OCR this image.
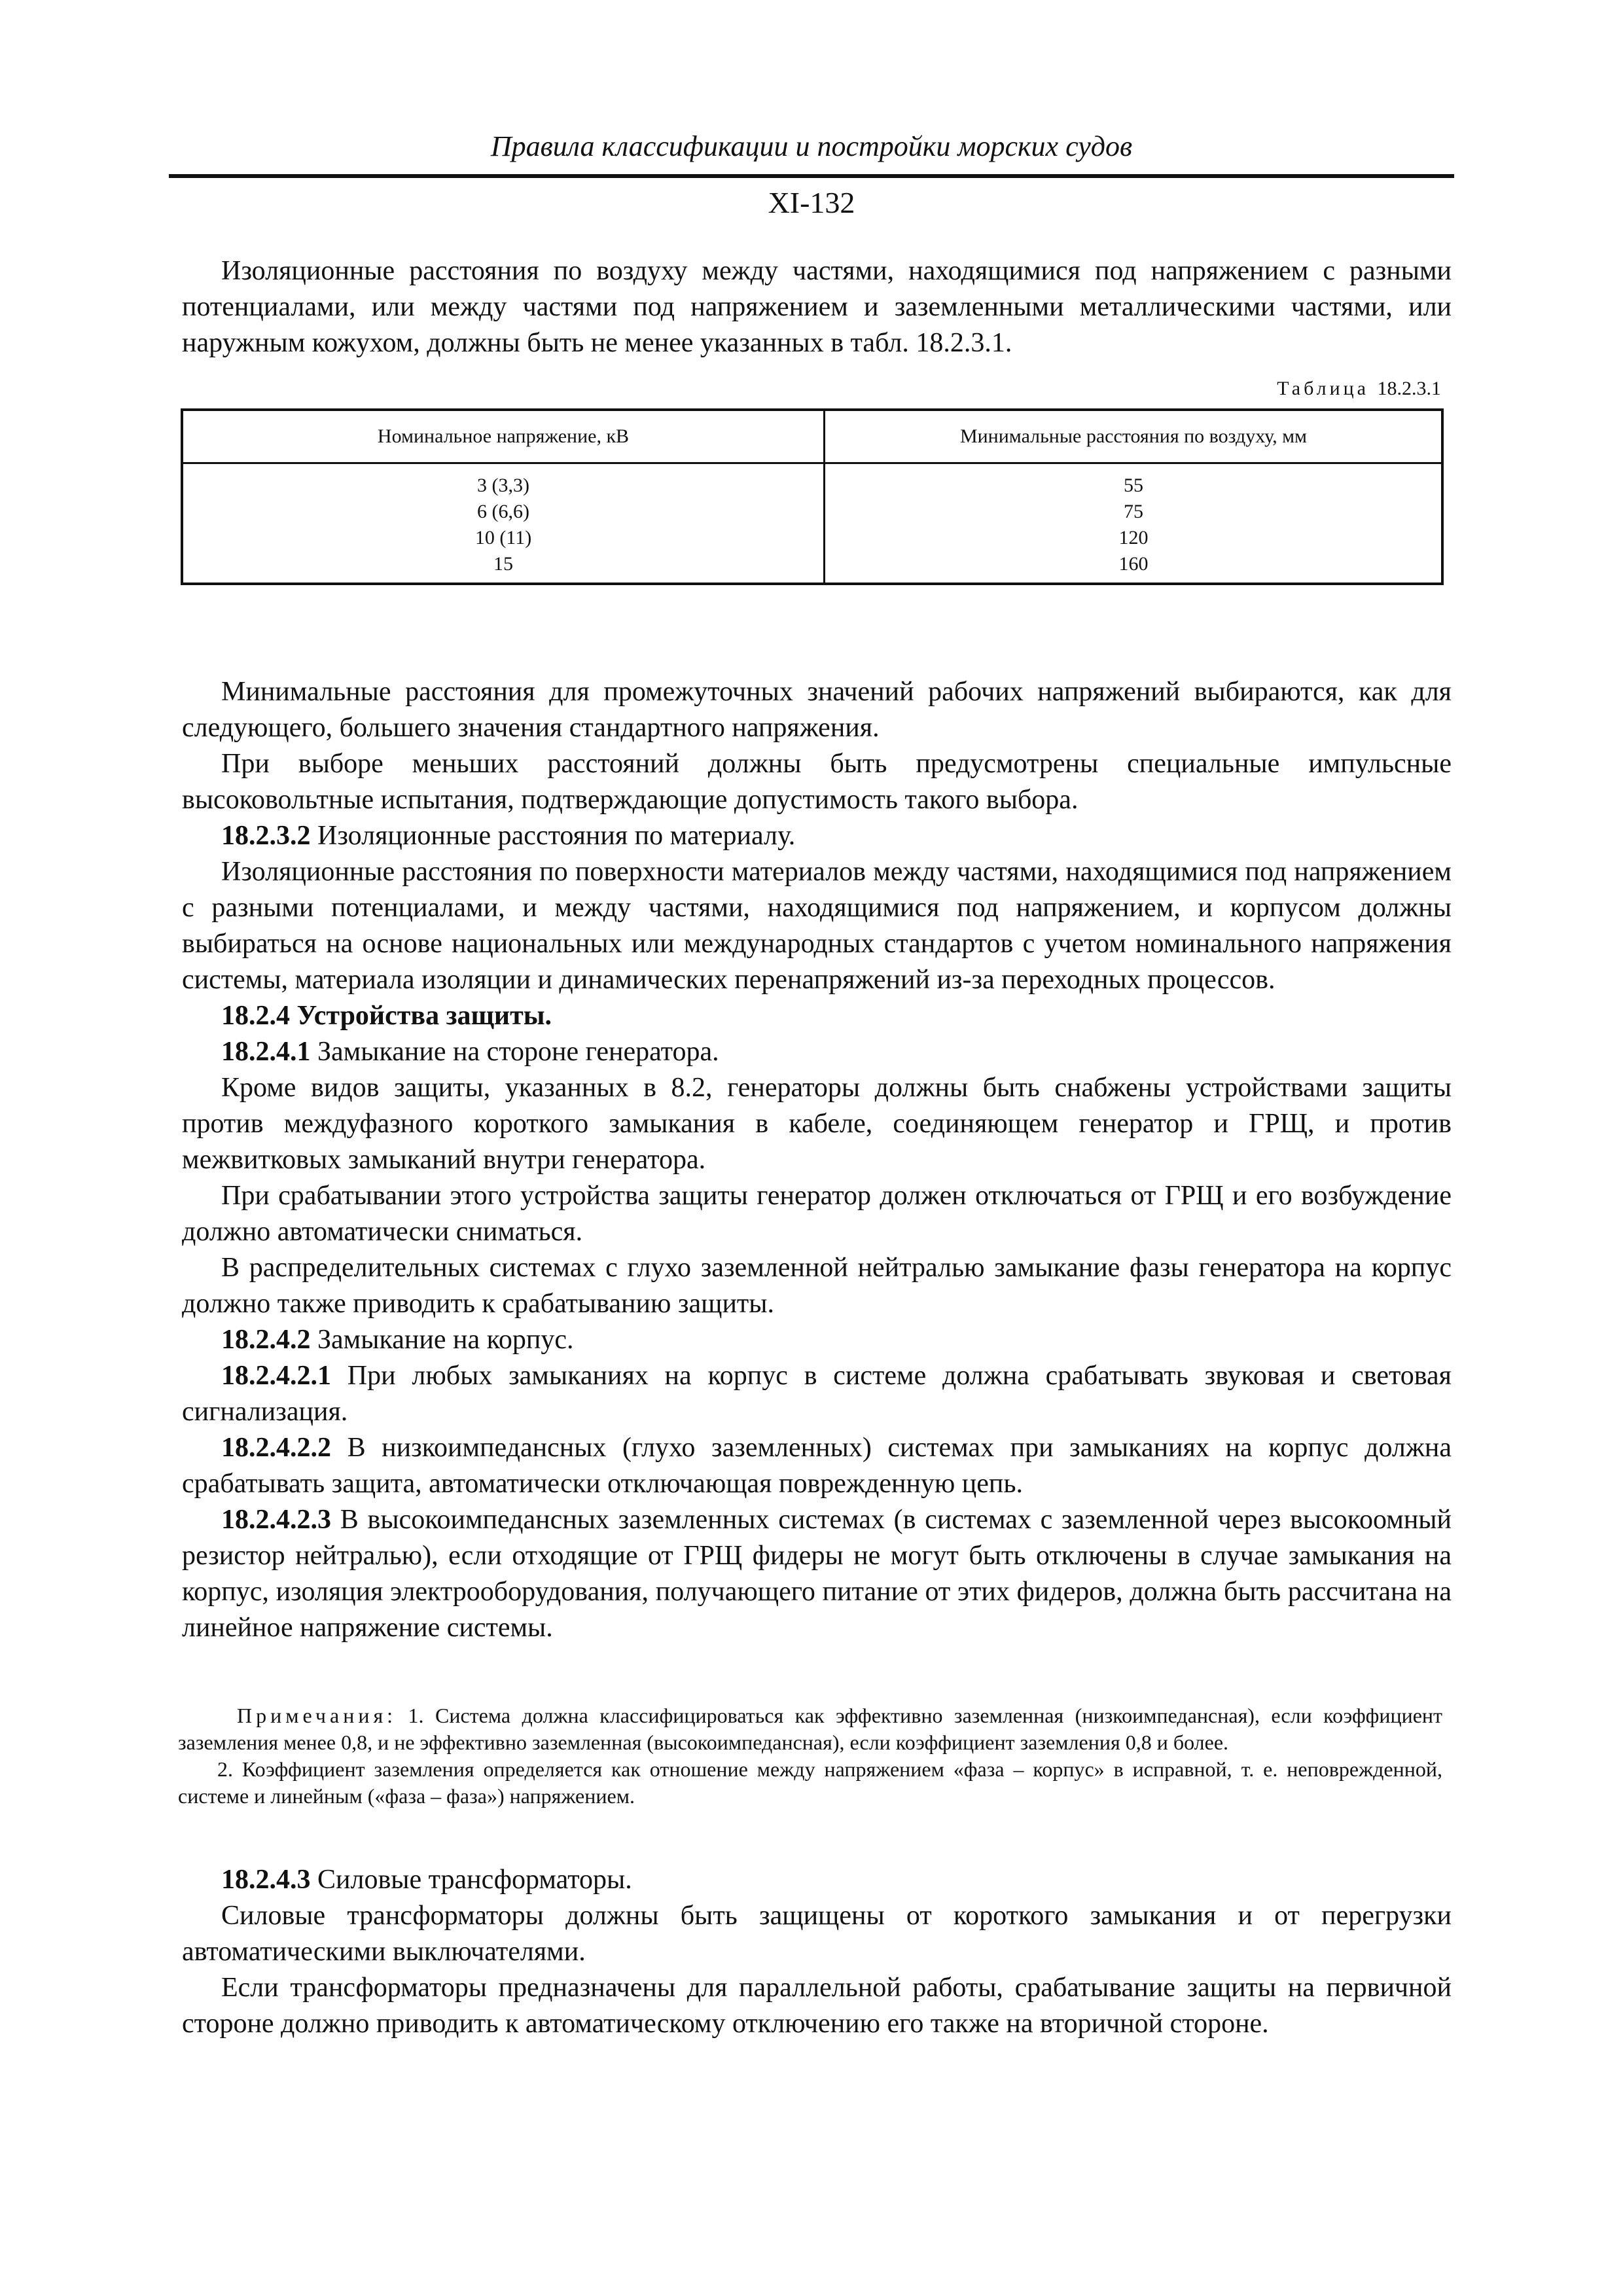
Правила классификации и постройки морских судов
XI-132

Изоляционные расстояния по воздуху между частями, находящимися под напряжением с разными потенциалами, или между частями под напряжением и заземленными металлическими частями, или наружным кожухом, должны быть не менее указанных в табл. 18.2.3.1.

Таблица 18.2.3.1
Номинальное напряжение, кВ	Минимальные расстояния по воздуху, мм
3 (3,3)
6 (6,6)
10 (11)
15
55
75
120
160

Минимальные расстояния для промежуточных значений рабочих напряжений выбираются, как для следующего, большего значения стандартного напряжения.

При выборе меньших расстояний должны быть предусмотрены специальные импульсные высоковольтные испытания, подтверждающие допустимость такого выбора.

18.2.3.2 Изоляционные расстояния по материалу.

Изоляционные расстояния по поверхности материалов между частями, находящимися под напряжением с разными потенциалами, и между частями, находящимися под напряжением, и корпусом должны выбираться на основе национальных или международных стандартов с учетом номинального напряжения системы, материала изоляции и динамических перенапряжений из-за переходных процессов.

18.2.4 Устройства защиты.

18.2.4.1 Замыкание на стороне генератора.

Кроме видов защиты, указанных в 8.2, генераторы должны быть снабжены устройствами защиты против междуфазного короткого замыкания в кабеле, соединяющем генератор и ГРЩ, и против межвитковых замыканий внутри генератора.

При срабатывании этого устройства защиты генератор должен отключаться от ГРЩ и его возбуждение должно автоматически сниматься.

В распределительных системах с глухо заземленной нейтралью замыкание фазы генератора на корпус должно также приводить к срабатыванию защиты.

18.2.4.2 Замыкание на корпус.

18.2.4.2.1 При любых замыканиях на корпус в системе должна срабатывать звуковая и световая сигнализация.

18.2.4.2.2 В низкоимпедансных (глухо заземленных) системах при замыканиях на корпус должна срабатывать защита, автоматически отключающая поврежденную цепь.

18.2.4.2.3 В высокоимпедансных заземленных системах (в системах с заземленной через высокоомный резистор нейтралью), если отходящие от ГРЩ фидеры не могут быть отключены в случае замыкания на корпус, изоляция электрооборудования, получающего питание от этих фидеров, должна быть рассчитана на линейное напряжение системы.

Примечания: 1. Система должна классифицироваться как эффективно заземленная (низкоимпедансная), если коэффициент заземления менее 0,8, и не эффективно заземленная (высокоимпедансная), если коэффициент заземления 0,8 и более.

2. Коэффициент заземления определяется как отношение между напряжением «фаза – корпус» в исправной, т. е. неповрежденной, системе и линейным («фаза – фаза») напряжением.

18.2.4.3 Силовые трансформаторы.

Силовые трансформаторы должны быть защищены от короткого замыкания и от перегрузки автоматическими выключателями.

Если трансформаторы предназначены для параллельной работы, срабатывание защиты на первичной стороне должно приводить к автоматическому отключению его также на вторичной стороне.
